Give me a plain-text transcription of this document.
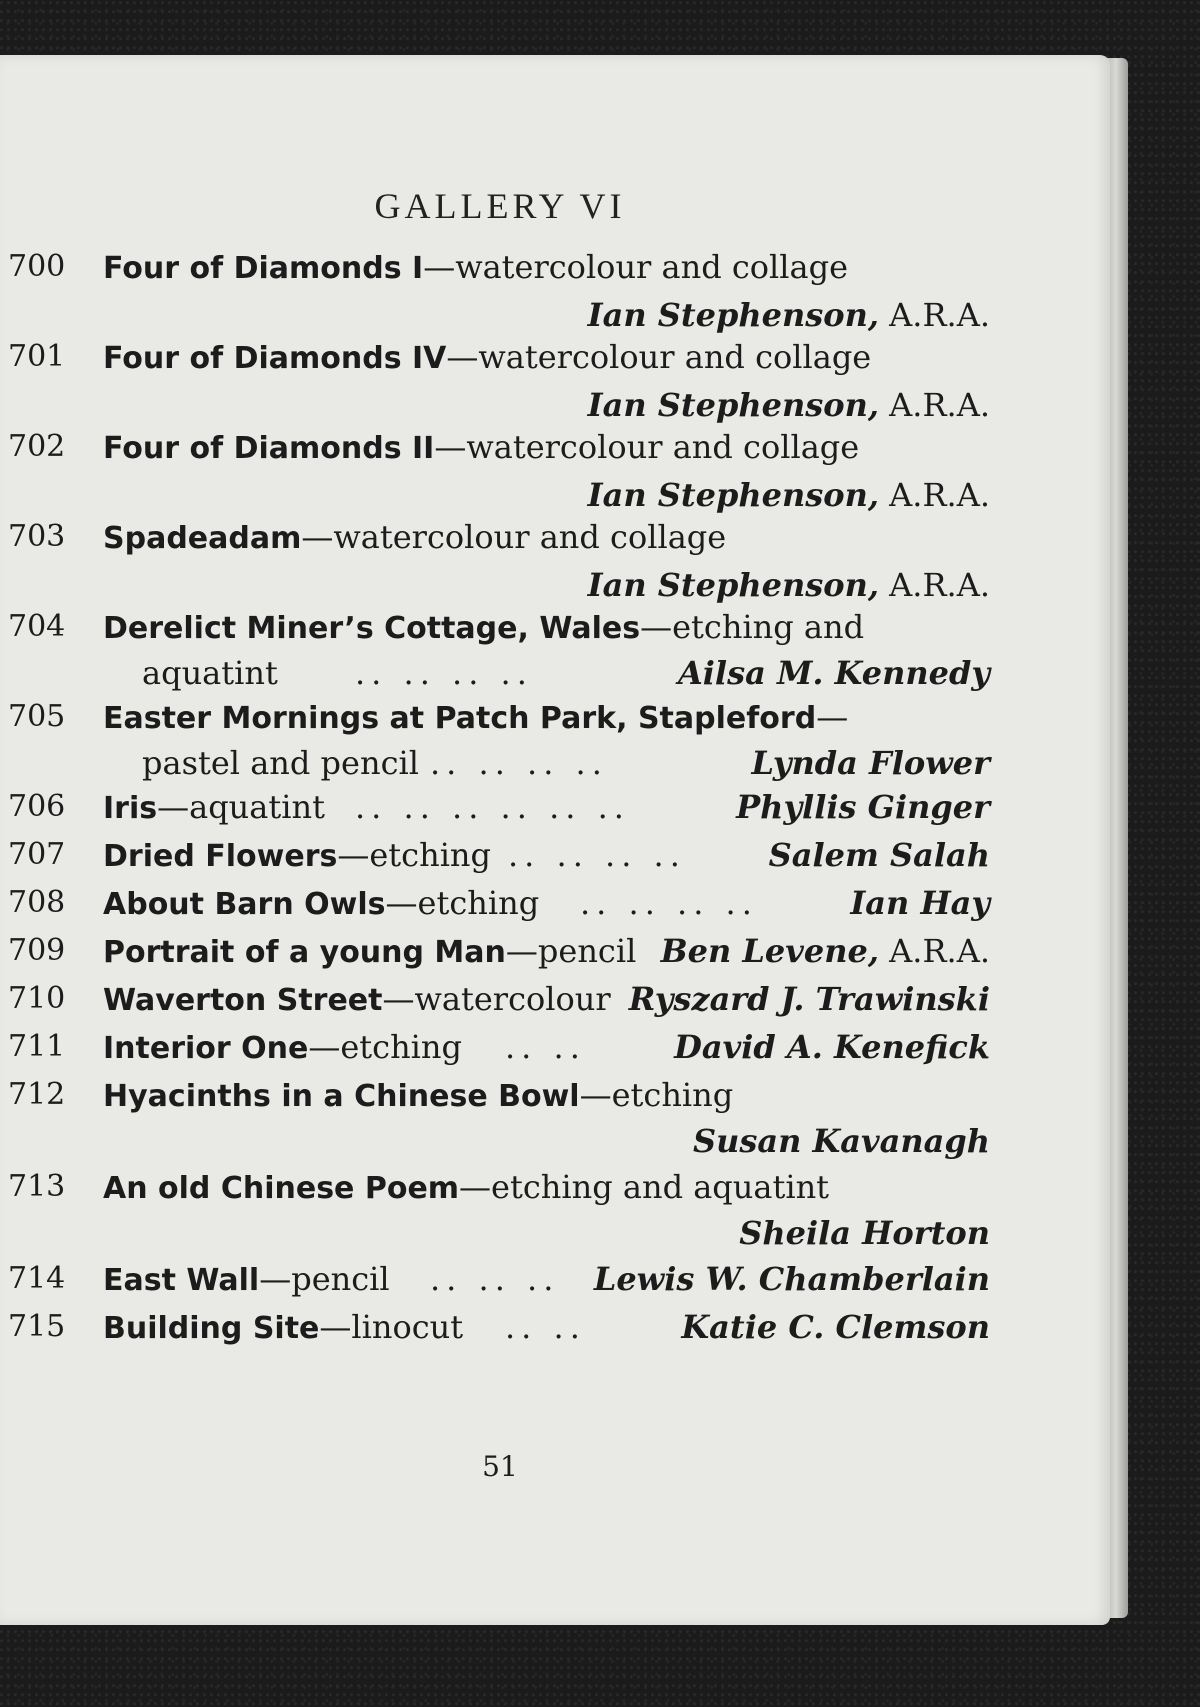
GALLERY VI
700 Four of Diamonds I—watercolour and collage
Ian Stephenson, A.R.A.
701 Four of Diamonds IV—watercolour and collage
Ian Stephenson, A.R.A.
702 Four of Diamonds II—watercolour and collage
Ian Stephenson, A.R.A.
703 Spadeadam—watercolour and collage
Ian Stephenson, A.R.A.
704 Derelict Miner’s Cottage, Wales—etching and
aquatint .. .. .. ..	Ailsa M. Kennedy
705 Easter Mornings at Patch Park, Stapleford—
pastel and pencil .. .. .. ..	Lynda Flower
706 Iris—aquatint .. .. .. .. .. ..	Phyllis Ginger
707 Dried Flowers—etching .. .. .. ..	Salem Salah
708 About Barn Owls—etching .. .. .. ..	Ian Hay
709 Portrait of a young Man—pencil Ben Levene, A.R.A.
710 Waverton Street—watercolour Ryszard J. Trawinski
711 Interior One—etching .. ..	David A. Kenefick
712 Hyacinths in a Chinese Bowl—etching
Susan Kavanagh
713 An old Chinese Poem—etching and aquatint
Sheila Horton
714 East Wall—pencil .. .. .. Lewis W. Chamberlain
715 Building Site—linocut .. ..	Katie C. Clemson
51
